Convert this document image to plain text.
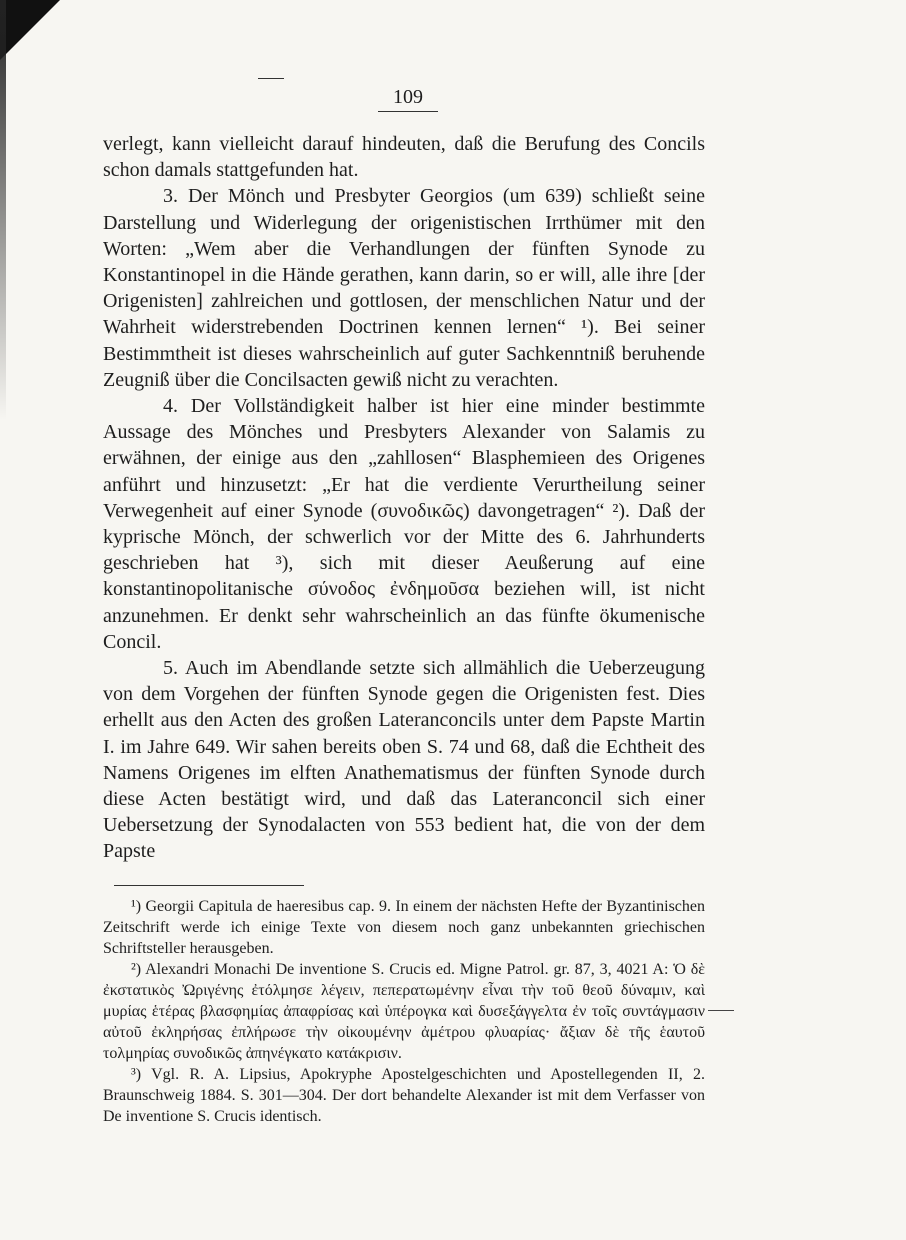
109

verlegt, kann vielleicht darauf hindeuten, daß die Berufung des Concils schon damals stattgefunden hat.

3. Der Mönch und Presbyter Georgios (um 639) schließt seine Darstellung und Widerlegung der origenistischen Irrthümer mit den Worten: „Wem aber die Verhandlungen der fünften Synode zu Konstantinopel in die Hände gerathen, kann darin, so er will, alle ihre [der Origenisten] zahlreichen und gottlosen, der menschlichen Natur und der Wahrheit widerstrebenden Doctrinen kennen lernen“ ¹). Bei seiner Bestimmtheit ist dieses wahrscheinlich auf guter Sachkenntniß beruhende Zeugniß über die Concilsacten gewiß nicht zu verachten.

4. Der Vollständigkeit halber ist hier eine minder bestimmte Aussage des Mönches und Presbyters Alexander von Salamis zu erwähnen, der einige aus den „zahllosen“ Blasphemieen des Origenes anführt und hinzusetzt: „Er hat die verdiente Verurtheilung seiner Verwegenheit auf einer Synode (συνοδικῶς) davongetragen“ ²). Daß der kyprische Mönch, der schwerlich vor der Mitte des 6. Jahrhunderts geschrieben hat ³), sich mit dieser Aeußerung auf eine konstantinopolitanische σύνοδος ἐνδημοῦσα beziehen will, ist nicht anzunehmen. Er denkt sehr wahrscheinlich an das fünfte ökumenische Concil.

5. Auch im Abendlande setzte sich allmählich die Ueberzeugung von dem Vorgehen der fünften Synode gegen die Origenisten fest. Dies erhellt aus den Acten des großen Lateranconcils unter dem Papste Martin I. im Jahre 649. Wir sahen bereits oben S. 74 und 68, daß die Echtheit des Namens Origenes im elften Anathematismus der fünften Synode durch diese Acten bestätigt wird, und daß das Lateranconcil sich einer Uebersetzung der Synodalacten von 553 bedient hat, die von der dem Papste

¹) Georgii Capitula de haeresibus cap. 9. In einem der nächsten Hefte der Byzantinischen Zeitschrift werde ich einige Texte von diesem noch ganz unbekannten griechischen Schriftsteller herausgeben.

²) Alexandri Monachi De inventione S. Crucis ed. Migne Patrol. gr. 87, 3, 4021 A: Ὁ δὲ ἐκστατικὸς Ὠριγένης ἐτόλμησε λέγειν, πεπερατωμένην εἶναι τὴν τοῦ θεοῦ δύναμιν, καὶ μυρίας ἑτέρας βλασφημίας ἀπαφρίσας καὶ ὑπέρογκα καὶ δυσεξάγγελτα ἐν τοῖς συντάγμασιν αὐτοῦ ἐκληρήσας ἐπλήρωσε τὴν οἰκουμένην ἀμέτρου φλυαρίας· ἄξιαν δὲ τῆς ἑαυτοῦ τολμηρίας συνοδικῶς ἀπηνέγκατο κατάκρισιν.

³) Vgl. R. A. Lipsius, Apokryphe Apostelgeschichten und Apostellegenden II, 2. Braunschweig 1884. S. 301—304. Der dort behandelte Alexander ist mit dem Verfasser von De inventione S. Crucis identisch.
